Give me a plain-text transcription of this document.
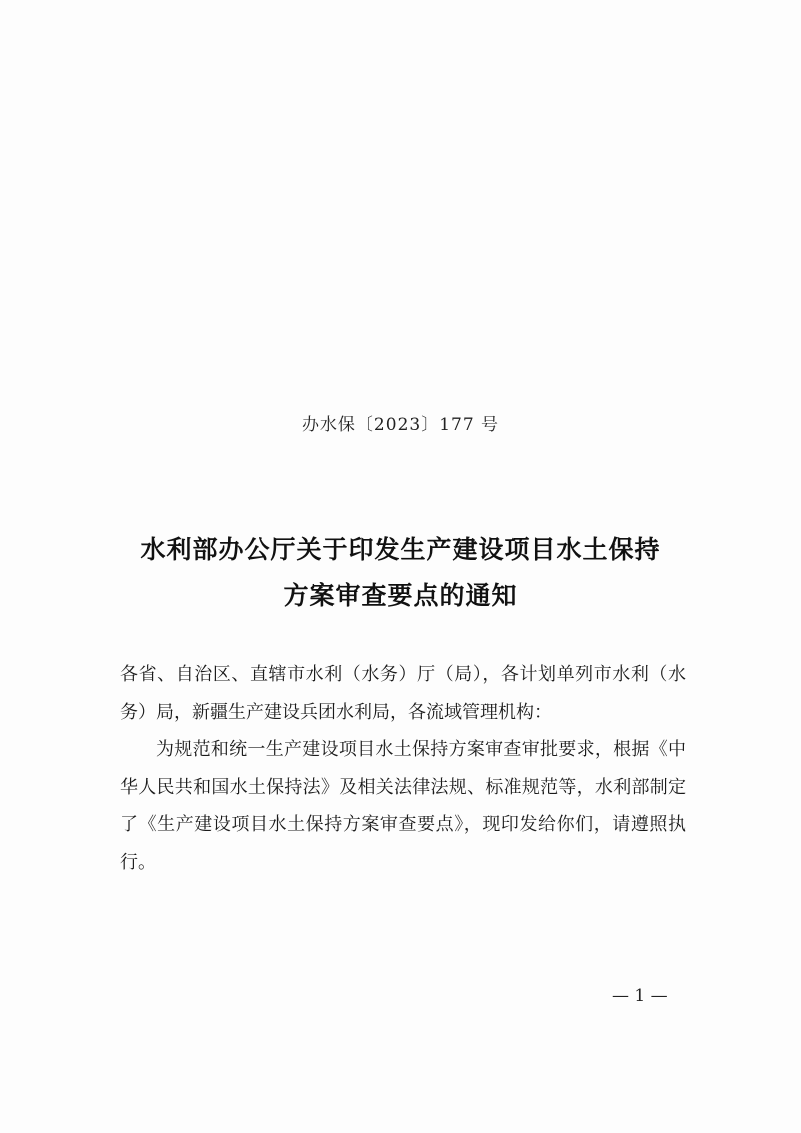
办水保〔2023〕177 号
水利部办公厅关于印发生产建设项目水土保持
方案审查要点的通知

各省、自治区、直辖市水利（水务）厅（局），各计划单列市水利（水务）局，新疆生产建设兵团水利局，各流域管理机构：

为规范和统一生产建设项目水土保持方案审查审批要求，根据《中华人民共和国水土保持法》及相关法律法规、标准规范等，水利部制定了《生产建设项目水土保持方案审查要点》，现印发给你们，请遵照执行。

— 1 —
